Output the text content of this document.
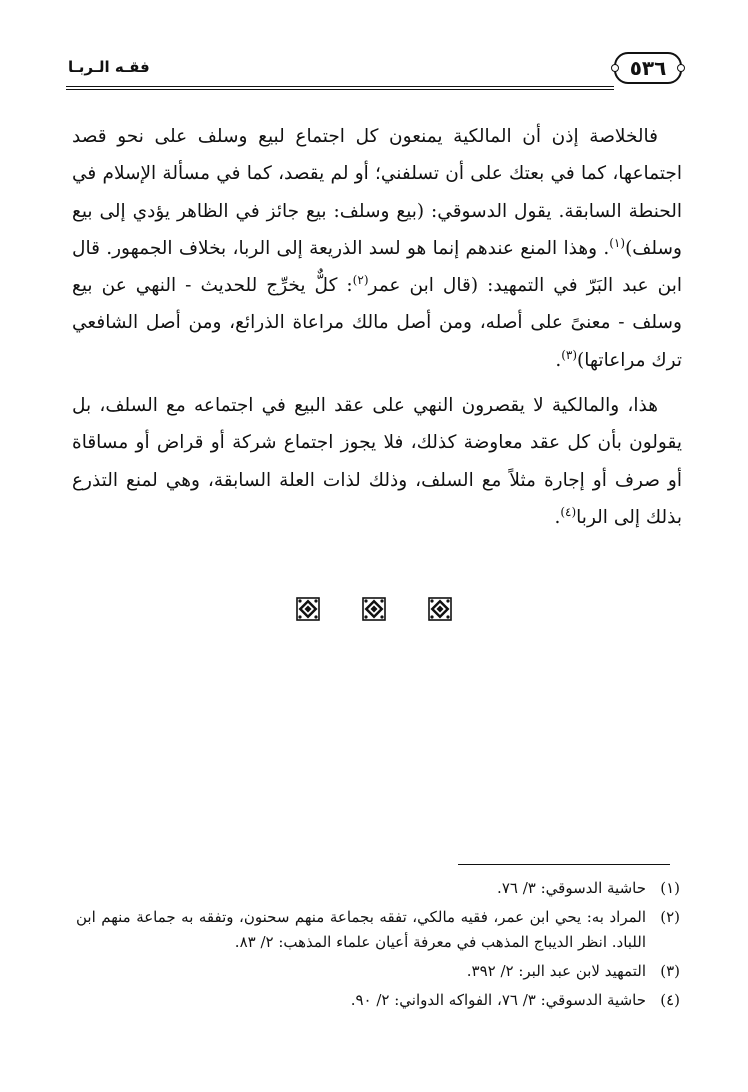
٥٣٦
فقـه الـربـا

فالخلاصة إذن أن المالكية يمنعون كل اجتماع لبيع وسلف على نحو قصد اجتماعها، كما في بعتك على أن تسلفني؛ أو لم يقصد، كما في مسألة الإسلام في الحنطة السابقة. يقول الدسوقي: (بيع وسلف: بيع جائز في الظاهر يؤدي إلى بيع وسلف)$^{(١)}$. وهذا المنع عندهم إنما هو لسد الذريعة إلى الربا، بخلاف الجمهور. قال ابن عبد البَرّ في التمهيد: (قال ابن عمر$^{(٢)}$: كلٌّ يخرِّج للحديث - النهي عن بيع وسلف - معنىً على أصله، ومن أصل مالك مراعاة الذرائع، ومن أصل الشافعي ترك مراعاتها)$^{(٣)}$.

هذا، والمالكية لا يقصرون النهي على عقد البيع في اجتماعه مع السلف، بل يقولون بأن كل عقد معاوضة كذلك، فلا يجوز اجتماع شركة أو قراض أو مساقاة أو صرف أو إجارة مثلاً مع السلف، وذلك لذات العلة السابقة، وهي لمنع التذرع بذلك إلى الربا$^{(٤)}$.

(١)
حاشية الدسوقي: ٣/ ٧٦.
(٢)
المراد به: يحي ابن عمر، فقيه مالكي، تفقه بجماعة منهم سحنون، وتفقه به جماعة منهم ابن اللباد. انظر الديباج المذهب في معرفة أعيان علماء المذهب: ٢/ ٨٣.
(٣)
التمهيد لابن عبد البر: ٢/ ٣٩٢.
(٤)
حاشية الدسوقي: ٣/ ٧٦، الفواكه الدواني: ٢/ ٩٠.
